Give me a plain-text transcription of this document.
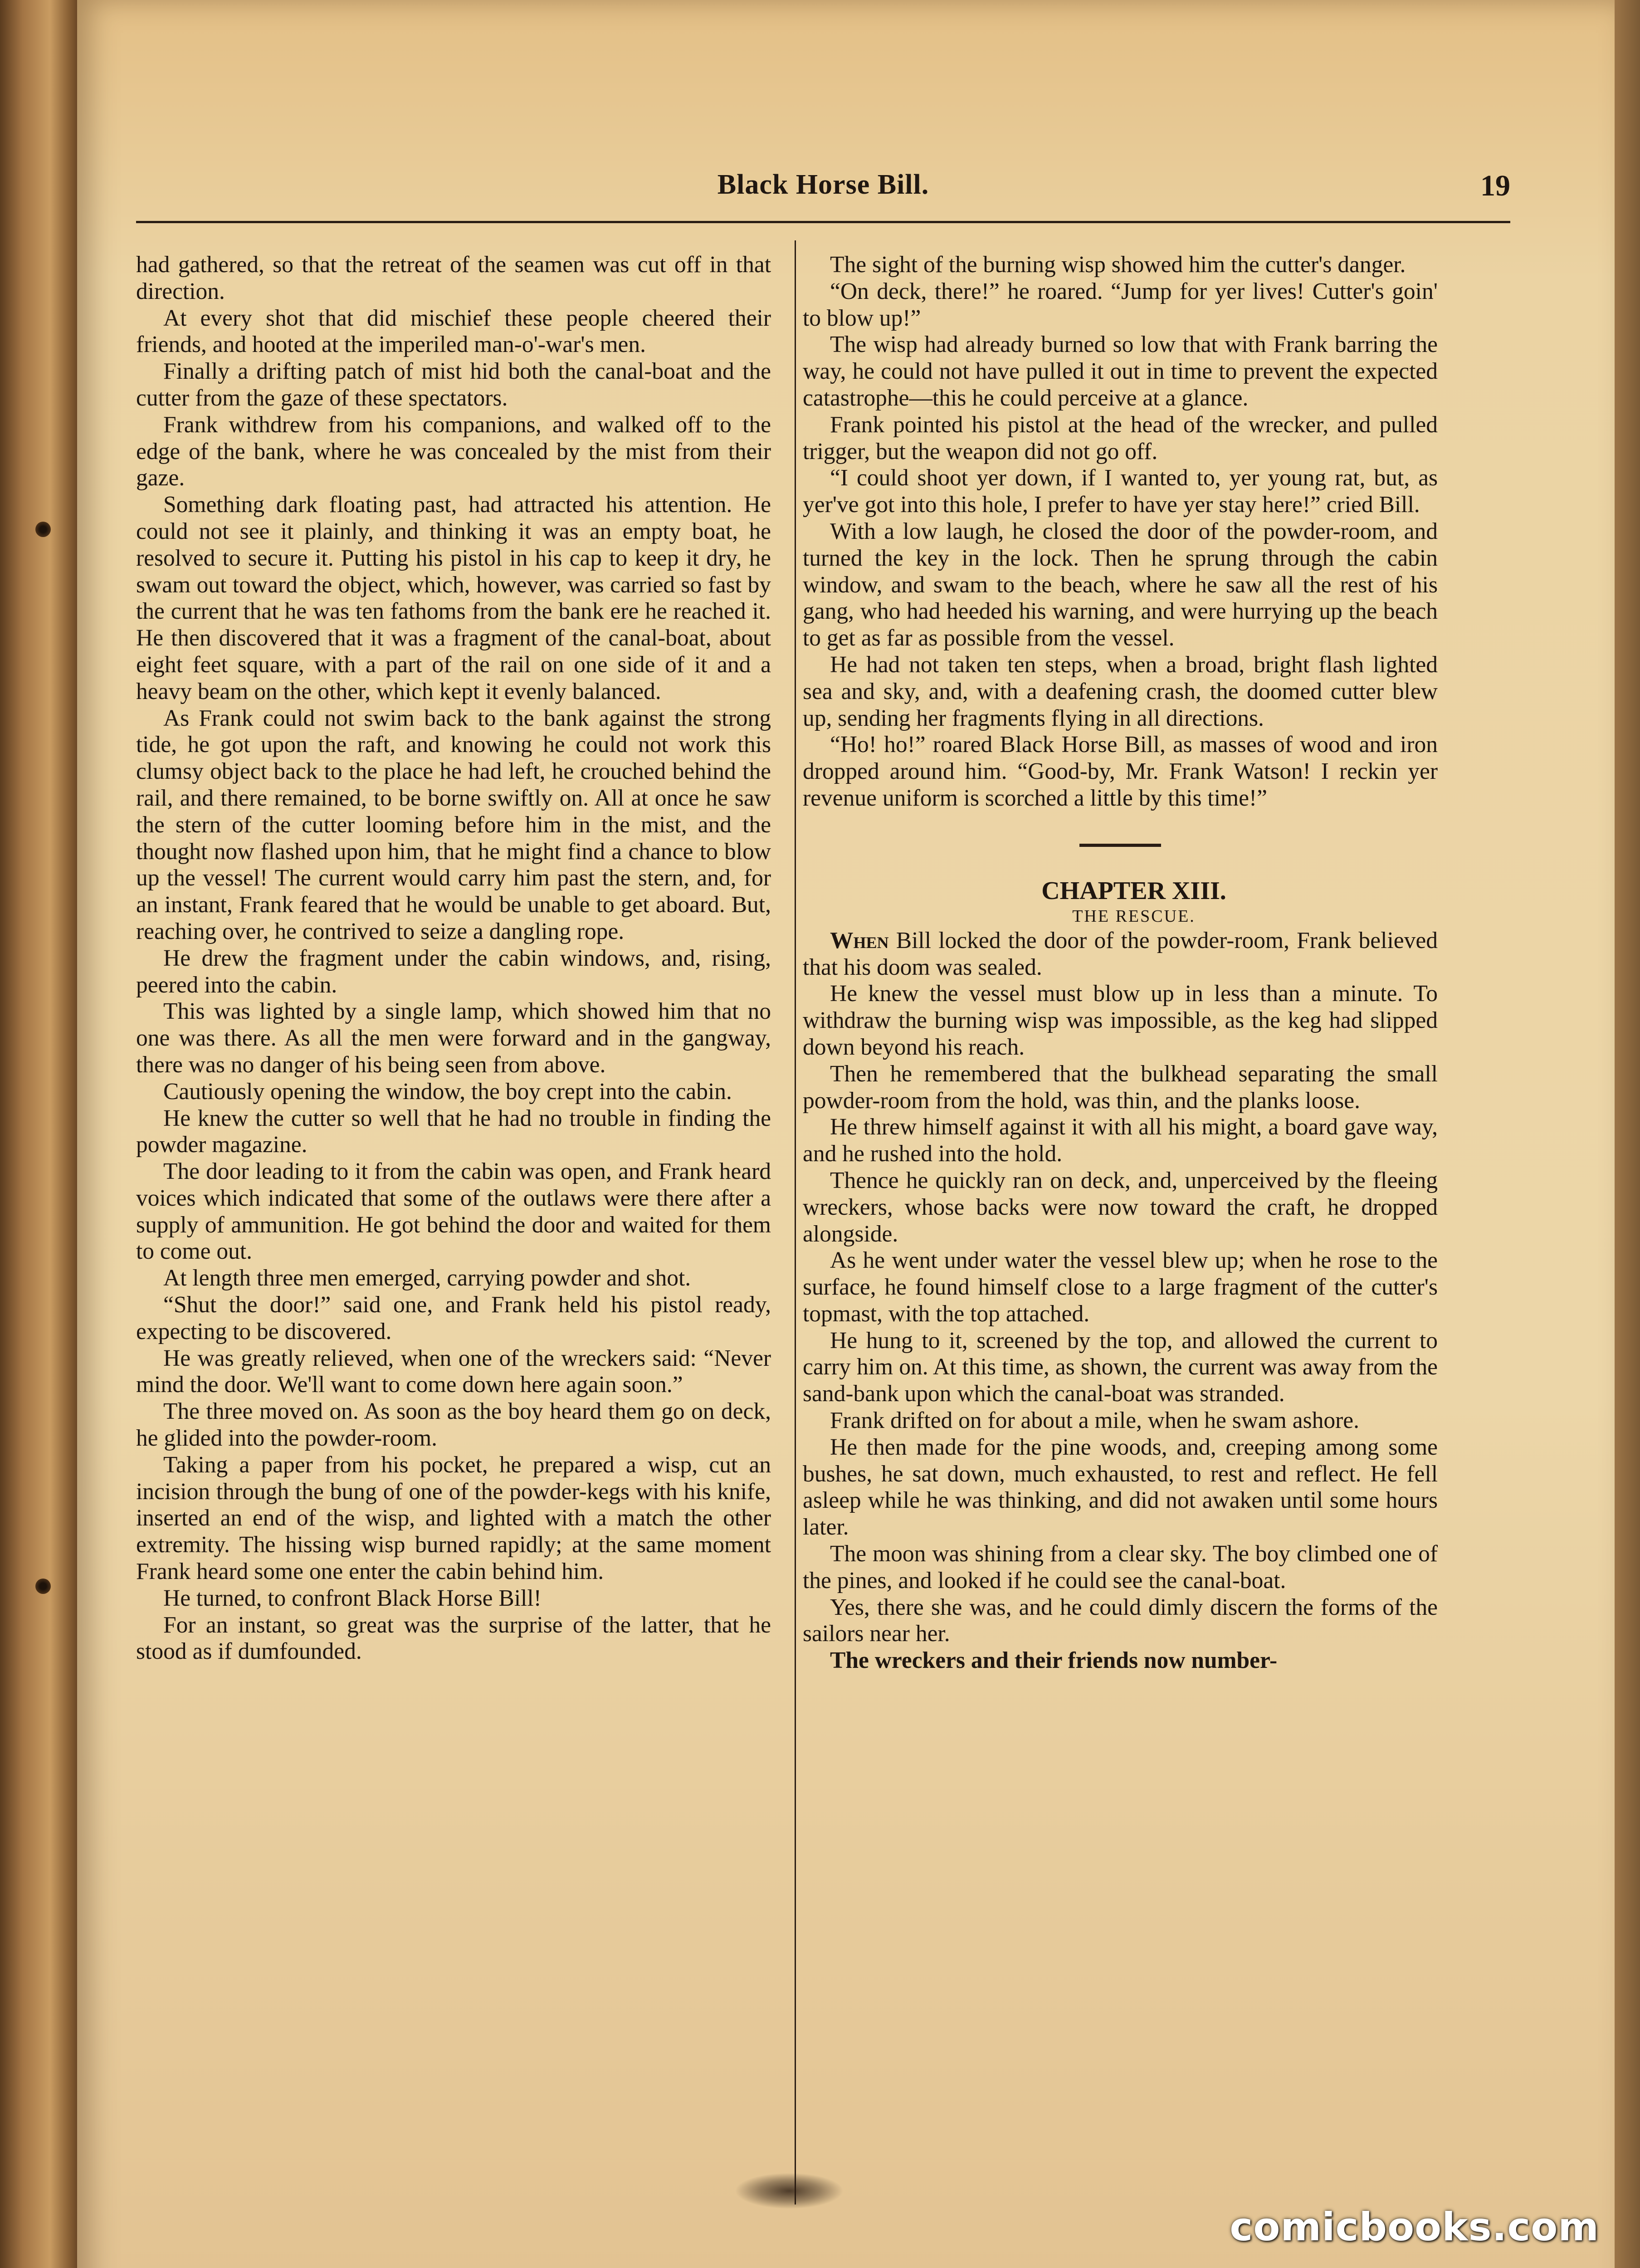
Black Horse Bill.	19

had gathered, so that the retreat of the seamen was cut off in that direction.

At every shot that did mischief these people cheered their friends, and hooted at the imperiled man-o'-war's men.

Finally a drifting patch of mist hid both the canal-boat and the cutter from the gaze of these spectators.

Frank withdrew from his companions, and walked off to the edge of the bank, where he was concealed by the mist from their gaze.

Something dark floating past, had attracted his attention. He could not see it plainly, and thinking it was an empty boat, he resolved to secure it. Putting his pistol in his cap to keep it dry, he swam out toward the object, which, however, was carried so fast by the current that he was ten fathoms from the bank ere he reached it. He then discovered that it was a fragment of the canal-boat, about eight feet square, with a part of the rail on one side of it and a heavy beam on the other, which kept it evenly balanced.

As Frank could not swim back to the bank against the strong tide, he got upon the raft, and knowing he could not work this clumsy object back to the place he had left, he crouched behind the rail, and there remained, to be borne swiftly on. All at once he saw the stern of the cutter looming before him in the mist, and the thought now flashed upon him, that he might find a chance to blow up the vessel! The current would carry him past the stern, and, for an instant, Frank feared that he would be unable to get aboard. But, reaching over, he contrived to seize a dangling rope.

He drew the fragment under the cabin windows, and, rising, peered into the cabin.

This was lighted by a single lamp, which showed him that no one was there. As all the men were forward and in the gangway, there was no danger of his being seen from above.

Cautiously opening the window, the boy crept into the cabin.

He knew the cutter so well that he had no trouble in finding the powder magazine.

The door leading to it from the cabin was open, and Frank heard voices which indicated that some of the outlaws were there after a supply of ammunition. He got behind the door and waited for them to come out.

At length three men emerged, carrying powder and shot.

“Shut the door!” said one, and Frank held his pistol ready, expecting to be discovered.

He was greatly relieved, when one of the wreckers said: “Never mind the door. We'll want to come down here again soon.”

The three moved on. As soon as the boy heard them go on deck, he glided into the powder-room.

Taking a paper from his pocket, he prepared a wisp, cut an incision through the bung of one of the powder-kegs with his knife, inserted an end of the wisp, and lighted with a match the other extremity. The hissing wisp burned rapidly; at the same moment Frank heard some one enter the cabin behind him.

He turned, to confront Black Horse Bill!

For an instant, so great was the surprise of the latter, that he stood as if dumfounded.

The sight of the burning wisp showed him the cutter's danger.

“On deck, there!” he roared. “Jump for yer lives! Cutter's goin' to blow up!”

The wisp had already burned so low that with Frank barring the way, he could not have pulled it out in time to prevent the expected catastrophe—this he could perceive at a glance.

Frank pointed his pistol at the head of the wrecker, and pulled trigger, but the weapon did not go off.

“I could shoot yer down, if I wanted to, yer young rat, but, as yer've got into this hole, I prefer to have yer stay here!” cried Bill.

With a low laugh, he closed the door of the powder-room, and turned the key in the lock. Then he sprung through the cabin window, and swam to the beach, where he saw all the rest of his gang, who had heeded his warning, and were hurrying up the beach to get as far as possible from the vessel.

He had not taken ten steps, when a broad, bright flash lighted sea and sky, and, with a deafening crash, the doomed cutter blew up, sending her fragments flying in all directions.

“Ho! ho!” roared Black Horse Bill, as masses of wood and iron dropped around him. “Good-by, Mr. Frank Watson! I reckin yer revenue uniform is scorched a little by this time!”

CHAPTER XIII.

THE RESCUE.

When Bill locked the door of the powder-room, Frank believed that his doom was sealed.

He knew the vessel must blow up in less than a minute. To withdraw the burning wisp was impossible, as the keg had slipped down beyond his reach.

Then he remembered that the bulkhead separating the small powder-room from the hold, was thin, and the planks loose.

He threw himself against it with all his might, a board gave way, and he rushed into the hold.

Thence he quickly ran on deck, and, unperceived by the fleeing wreckers, whose backs were now toward the craft, he dropped alongside.

As he went under water the vessel blew up; when he rose to the surface, he found himself close to a large fragment of the cutter's topmast, with the top attached.

He hung to it, screened by the top, and allowed the current to carry him on. At this time, as shown, the current was away from the sand-bank upon which the canal-boat was stranded.

Frank drifted on for about a mile, when he swam ashore.

He then made for the pine woods, and, creeping among some bushes, he sat down, much exhausted, to rest and reflect. He fell asleep while he was thinking, and did not awaken until some hours later.

The moon was shining from a clear sky. The boy climbed one of the pines, and looked if he could see the canal-boat.

Yes, there she was, and he could dimly discern the forms of the sailors near her.

The wreckers and their friends now number-

comicbooks.com
